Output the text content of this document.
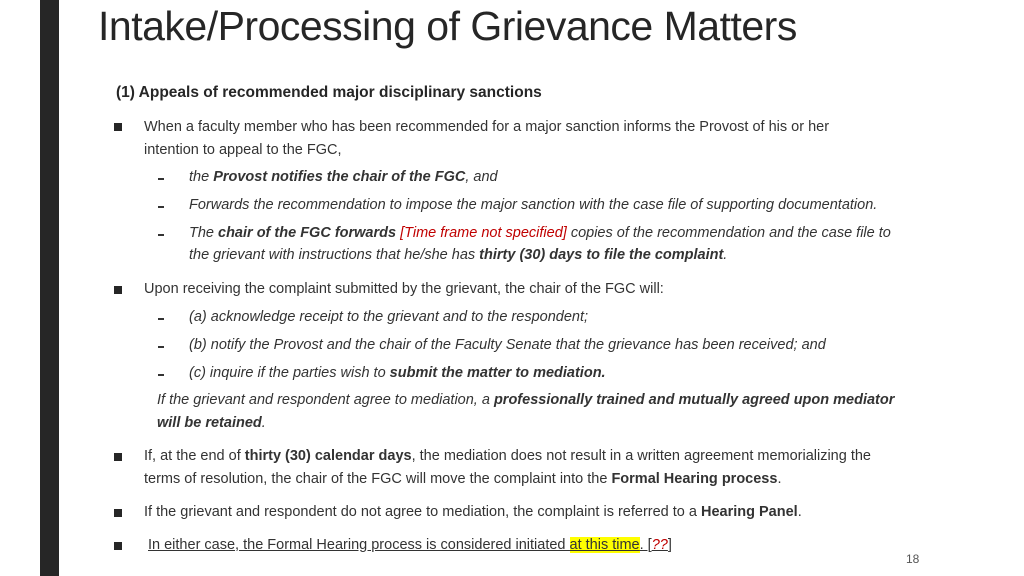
Intake/Processing of Grievance Matters
(1) Appeals of recommended major disciplinary sanctions
When a faculty member who has been recommended for a major sanction informs the Provost of his or her
intention to appeal to the FGC,
the Provost notifies the chair of the FGC, and
Forwards the recommendation to impose the major sanction with the case file of supporting documentation.
The chair of the FGC forwards [Time frame not specified] copies of the recommendation and the case file to
the grievant with instructions that he/she has thirty (30) days to file the complaint.
Upon receiving the complaint submitted by the grievant, the chair of the FGC will:
(a) acknowledge receipt to the grievant and to the respondent;
(b) notify the Provost and the chair of the Faculty Senate that the grievance has been received; and
(c) inquire if the parties wish to submit the matter to mediation.
If the grievant and respondent agree to mediation, a professionally trained and mutually agreed upon mediator
will be retained.
If, at the end of thirty (30) calendar days, the mediation does not result in a written agreement memorializing the
terms of resolution, the chair of the FGC will move the complaint into the Formal Hearing process.
If the grievant and respondent do not agree to mediation, the complaint is referred to a Hearing Panel.
In either case, the Formal Hearing process is considered initiated at this time. [??]
18
